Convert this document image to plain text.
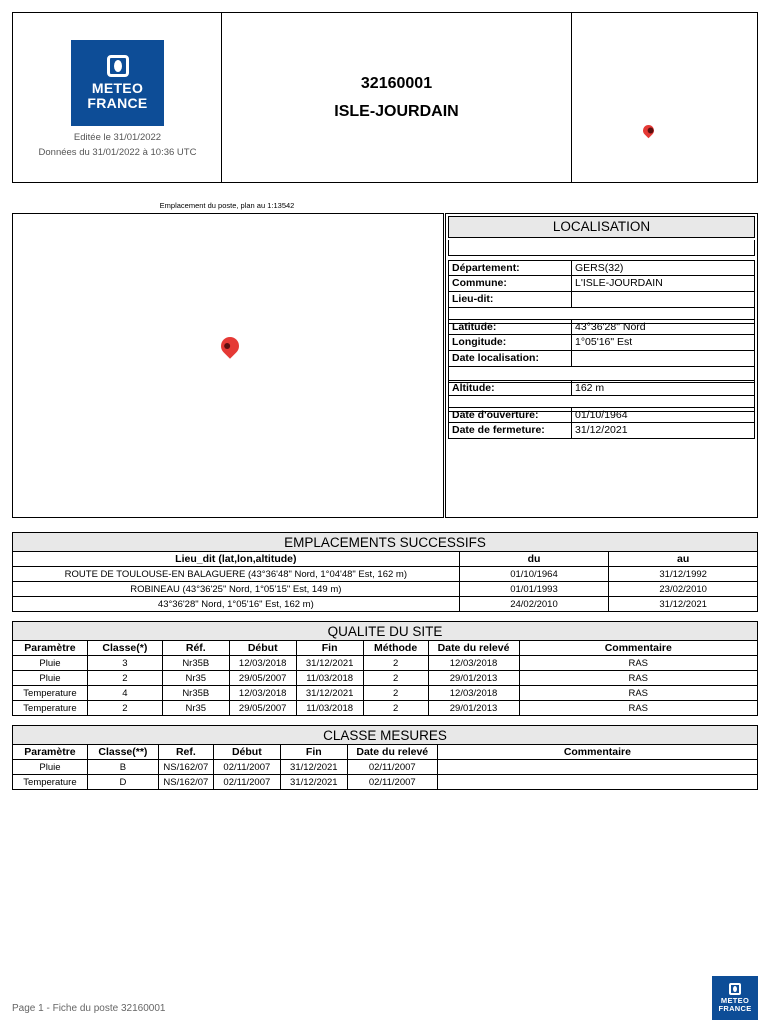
METEO
FRANCE
Editée le 31/01/2022
Données du 31/01/2022 à 10:36 UTC
32160001
ISLE-JOURDAIN
Emplacement du poste, plan au 1:13542
LOCALISATION
Département:	GERS(32)
Commune:	L'ISLE-JOURDAIN
Lieu-dit:
Latitude:	43°36'28" Nord
Longitude:	1°05'16" Est
Date localisation:
Altitude:	162 m
Date d'ouverture:	01/10/1964
Date de fermeture:	31/12/2021
EMPLACEMENTS SUCCESSIFS		
Lieu_dit (lat,lon,altitude)	du	au
ROUTE DE TOULOUSE-EN BALAGUERE (43°36'48" Nord, 1°04'48" Est, 162 m)	01/10/1964	31/12/1992
ROBINEAU (43°36'25" Nord, 1°05'15" Est, 149 m)	01/01/1993	23/02/2010
43°36'28" Nord, 1°05'16" Est, 162 m)	24/02/2010	31/12/2021
QUALITE DU SITE							
Paramètre	Classe(*)	Réf.	Début	Fin	Méthode	Date du relevé	Commentaire
Pluie	3	Nr35B	12/03/2018	31/12/2021	2	12/03/2018	RAS
Pluie	2	Nr35	29/05/2007	11/03/2018	2	29/01/2013	RAS
Temperature	4	Nr35B	12/03/2018	31/12/2021	2	12/03/2018	RAS
Temperature	2	Nr35	29/05/2007	11/03/2018	2	29/01/2013	RAS
CLASSE MESURES						
Paramètre	Classe(**)	Ref.	Début	Fin	Date du relevé	Commentaire
Pluie	B	NS/162/07	02/11/2007	31/12/2021	02/11/2007	
Temperature	D	NS/162/07	02/11/2007	31/12/2021	02/11/2007	
Page 1 - Fiche du poste 32160001
METEO
FRANCE
